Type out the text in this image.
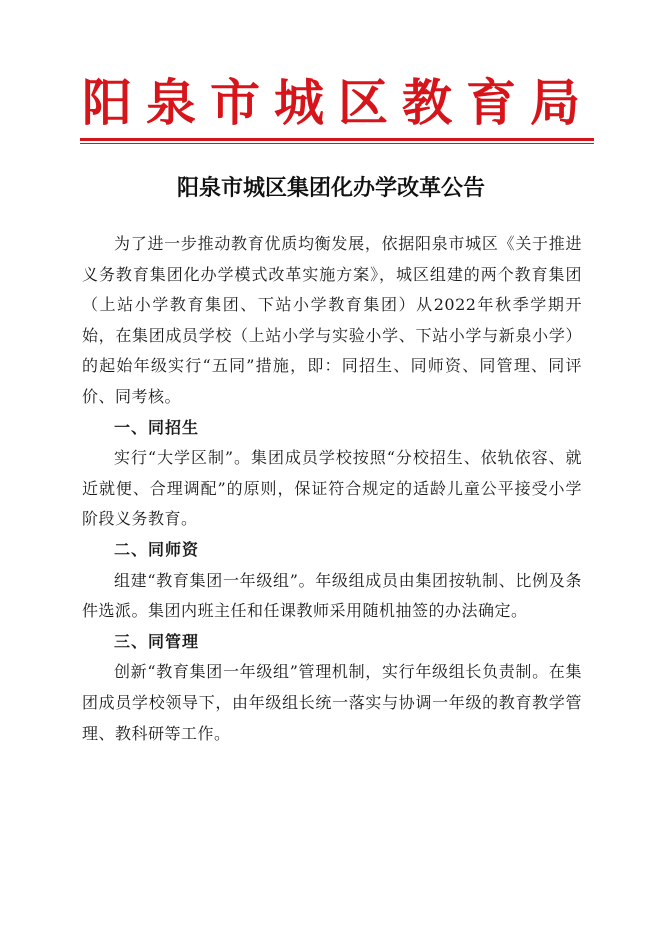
阳泉市城区教育局
阳泉市城区集团化办学改革公告

为了进一步推动教育优质均衡发展，依据阳泉市城区《关于推进义务教育集团化办学模式改革实施方案》，城区组建的两个教育集团（上站小学教育集团、下站小学教育集团）从2022年秋季学期开始，在集团成员学校（上站小学与实验小学、下站小学与新泉小学）的起始年级实行“五同”措施，即：同招生、同师资、同管理、同评价、同考核。

一、同招生

实行“大学区制”。集团成员学校按照“分校招生、依轨依容、就近就便、合理调配”的原则，保证符合规定的适龄儿童公平接受小学阶段义务教育。

二、同师资

组建“教育集团一年级组”。年级组成员由集团按轨制、比例及条件选派。集团内班主任和任课教师采用随机抽签的办法确定。

三、同管理

创新“教育集团一年级组”管理机制，实行年级组长负责制。在集团成员学校领导下，由年级组长统一落实与协调一年级的教育教学管理、教科研等工作。
